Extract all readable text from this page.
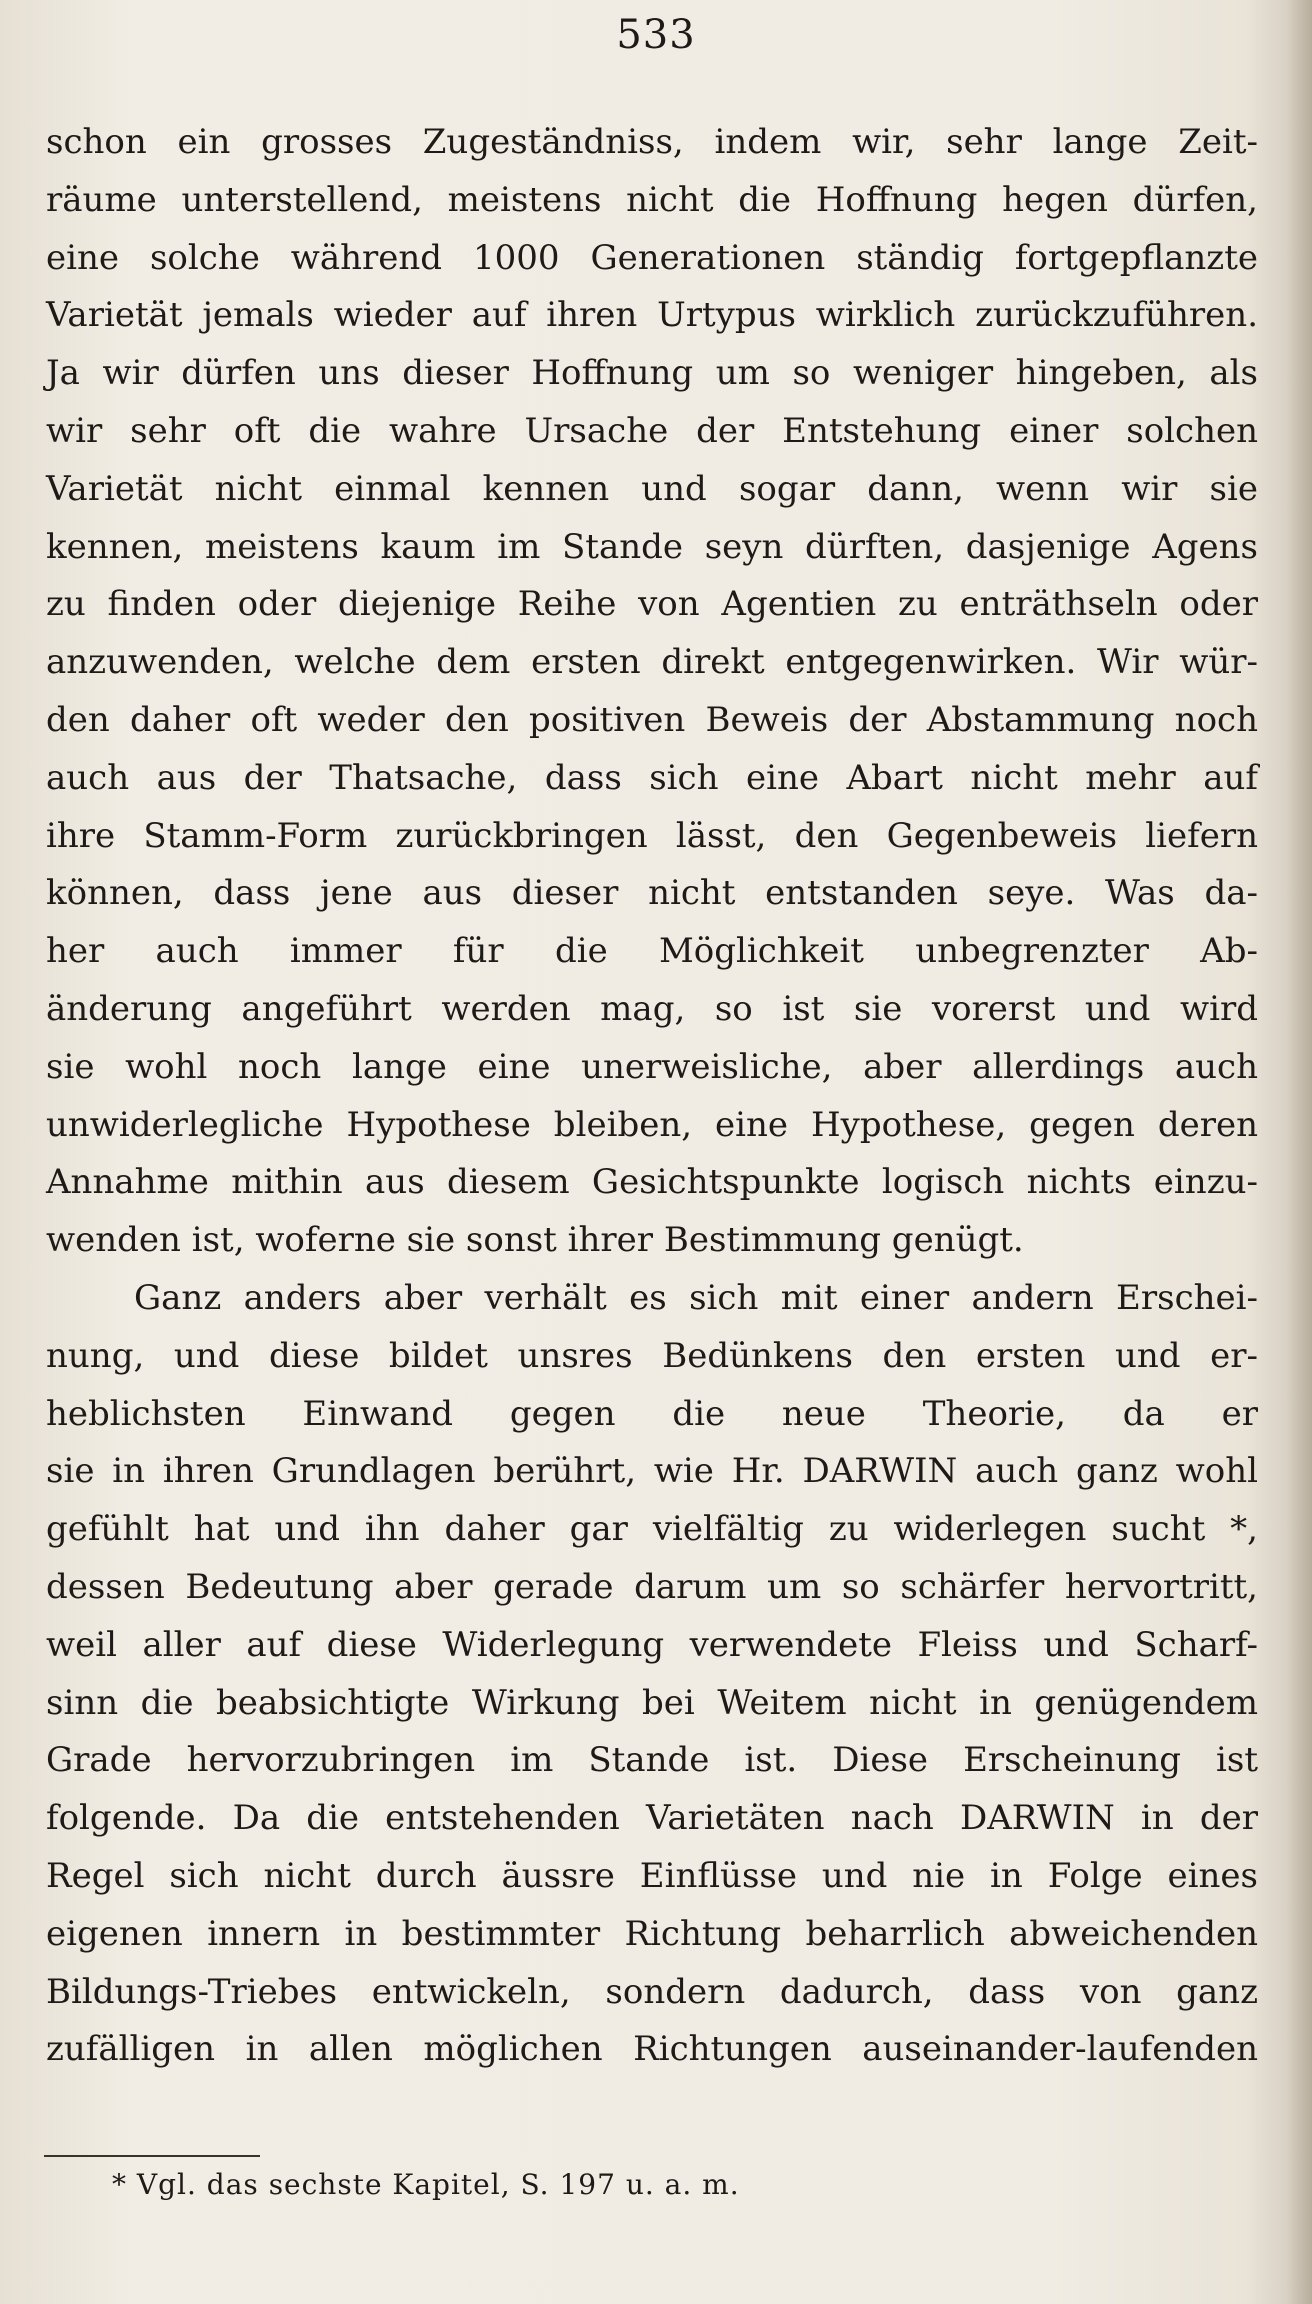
533
schon ein grosses Zugeständniss, indem wir, sehr lange Zeit-
räume unterstellend, meistens nicht die Hoffnung hegen dürfen,
eine solche während 1000 Generationen ständig fortgepflanzte
Varietät jemals wieder auf ihren Urtypus wirklich zurückzuführen.
Ja wir dürfen uns dieser Hoffnung um so weniger hingeben, als
wir sehr oft die wahre Ursache der Entstehung einer solchen
Varietät nicht einmal kennen und sogar dann, wenn wir sie
kennen, meistens kaum im Stande seyn dürften, dasjenige Agens
zu finden oder diejenige Reihe von Agentien zu enträthseln oder
anzuwenden, welche dem ersten direkt entgegenwirken. Wir wür-
den daher oft weder den positiven Beweis der Abstammung noch
auch aus der Thatsache, dass sich eine Abart nicht mehr auf
ihre Stamm-Form zurückbringen lässt, den Gegenbeweis liefern
können, dass jene aus dieser nicht entstanden seye. Was da-
her auch immer für die Möglichkeit unbegrenzter Ab-
änderung angeführt werden mag, so ist sie vorerst und wird
sie wohl noch lange eine unerweisliche, aber allerdings auch
unwiderlegliche Hypothese bleiben, eine Hypothese, gegen deren
Annahme mithin aus diesem Gesichtspunkte logisch nichts einzu-
wenden ist, woferne sie sonst ihrer Bestimmung genügt.
Ganz anders aber verhält es sich mit einer andern Erschei-
nung, und diese bildet unsres Bedünkens den ersten und er-
heblichsten Einwand gegen die neue Theorie, da er
sie in ihren Grundlagen berührt, wie Hr. DARWIN auch ganz wohl
gefühlt hat und ihn daher gar vielfältig zu widerlegen sucht *,
dessen Bedeutung aber gerade darum um so schärfer hervortritt,
weil aller auf diese Widerlegung verwendete Fleiss und Scharf-
sinn die beabsichtigte Wirkung bei Weitem nicht in genügendem
Grade hervorzubringen im Stande ist. Diese Erscheinung ist
folgende. Da die entstehenden Varietäten nach DARWIN in der
Regel sich nicht durch äussre Einflüsse und nie in Folge eines
eigenen innern in bestimmter Richtung beharrlich abweichenden
Bildungs-Triebes entwickeln, sondern dadurch, dass von ganz
zufälligen in allen möglichen Richtungen auseinander-laufenden
* Vgl. das sechste Kapitel, S. 197 u. a. m.
